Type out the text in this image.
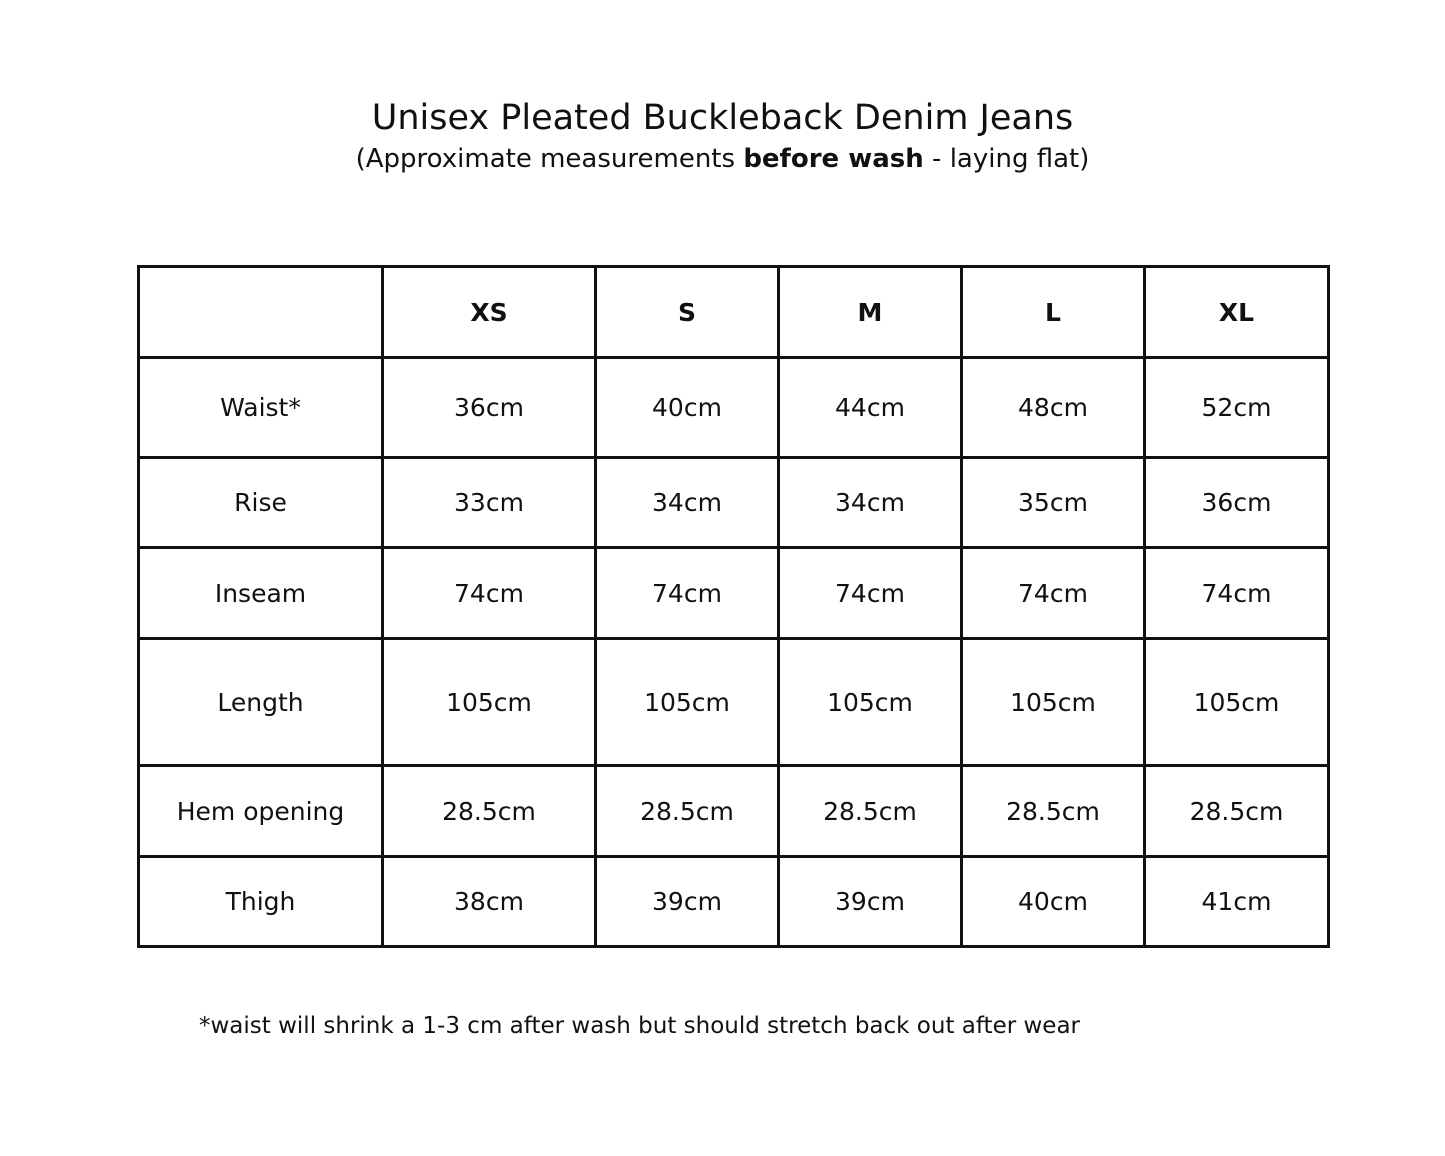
Unisex Pleated Buckleback Denim Jeans

(Approximate measurements before wash - laying flat)

	XS	S	M	L	XL
Waist*	36cm	40cm	44cm	48cm	52cm
Rise	33cm	34cm	34cm	35cm	36cm
Inseam	74cm	74cm	74cm	74cm	74cm
Length	105cm	105cm	105cm	105cm	105cm
Hem opening	28.5cm	28.5cm	28.5cm	28.5cm	28.5cm
Thigh	38cm	39cm	39cm	40cm	41cm

*waist will shrink a 1-3 cm after wash but should stretch back out after wear
